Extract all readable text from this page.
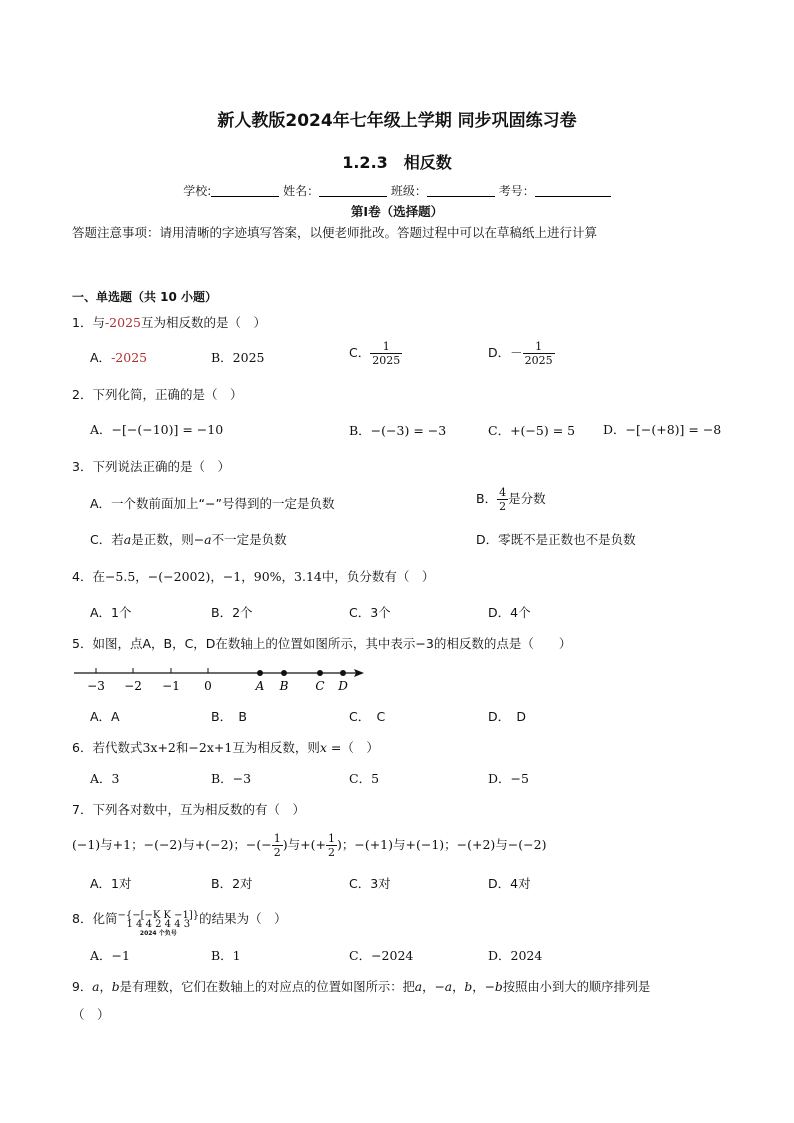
新人教版2024年七年级上学期 同步巩固练习卷
1.2.3　相反数
学校:	姓名：	班级：	考号：
第Ⅰ卷（选择题）
答题注意事项：请用清晰的字迹填写答案，以便老师批改。答题过程中可以在草稿纸上进行计算
一、单选题（共 10 小题）
1．与-2025互为相反数的是（　）
A．-2025	B．2025	C． $\frac{1}{2025}$	D．－ $\frac{1}{2025}$
2．下列化简，正确的是（　）
A．−[−(−10)] = −10	B．−(−3) = −3	C．+(−5) = 5 D．−[−(+8)] = −8
3．下列说法正确的是（　）
A．一个数前面加上“−”号得到的一定是负数	B． $\frac{4}{2}$ 是分数
C．若a是正数，则−a不一定是负数	D．零既不是正数也不是负数
4．在−5.5，−(−2002)，−1，90%，3.14中，负分数有（　）
A．1个	B．2个	C．3个	D．4个
5．如图，点A，B，C，D在数轴上的位置如图所示，其中表示−3的相反数的点是（　　）
−3 −2 −1 0	A B C D
A．A	B．　B	C．　C	D．　D
6．若代数式3x+2和−2x+1互为相反数，则x =（　）
A．3	B．−3	C．5	D．−5
7．下列各对数中，互为相反数的有（　）
(−1)与+1；−(−2)与+(−2)；−(− $\frac{1}{2}$ )与+(+ $\frac{1}{2}$ )；−(+1)与+(−1)；−(+2)与−(−2)
A．1对	B．2对	C．3对	D．4对
8．化简 −{−[−K K −1]}
1 4 4 2 4 4 3
2024 个负号
的结果为（　）
A．−1	B．1	C．−2024	D．2024
9．a，b是有理数，它们在数轴上的对应点的位置如图所示：把a，−a，b，−b按照由小到大的顺序排列是
（　）
